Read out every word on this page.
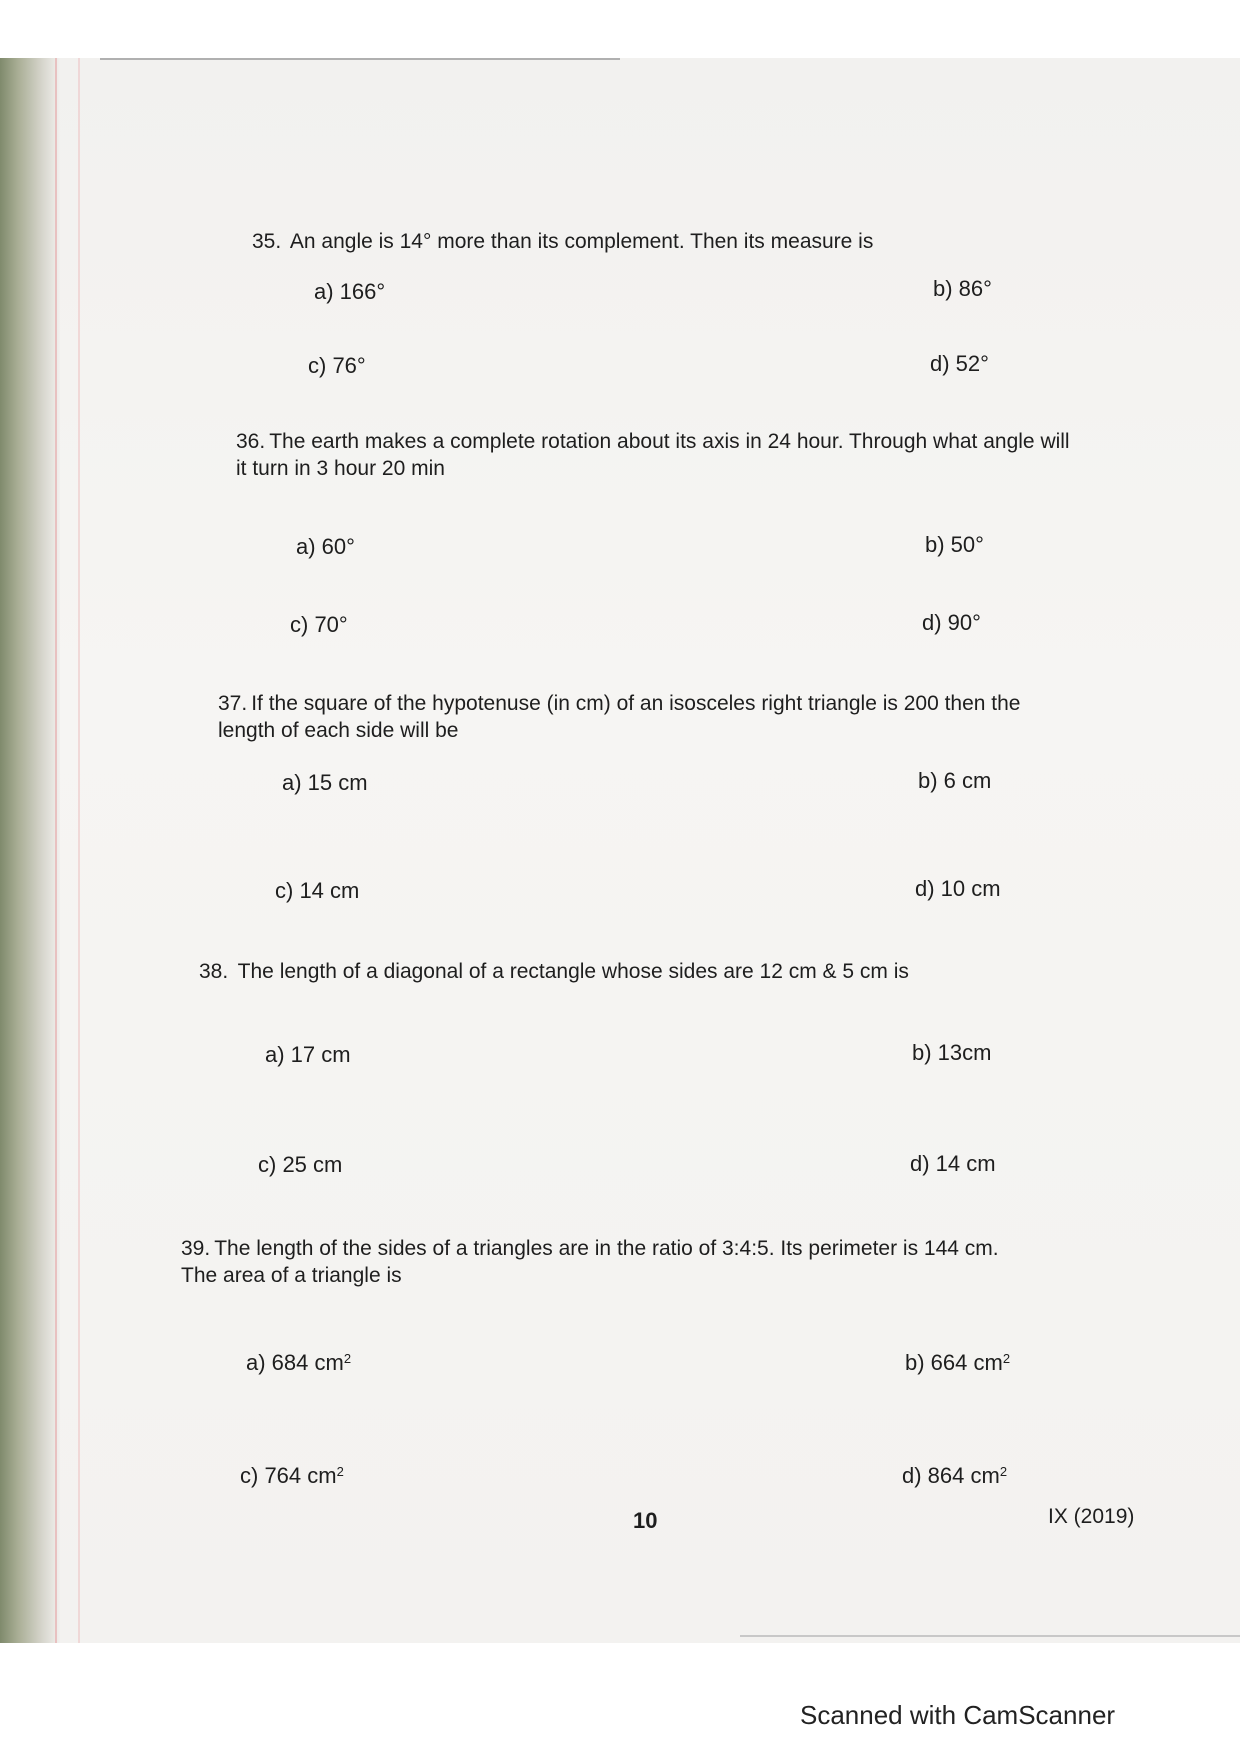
35. An angle is 14° more than its complement. Then its measure is
a) 166°	b) 86°
c) 76°	d) 52°
36. The earth makes a complete rotation about its axis in 24 hour. Through what angle will
it turn in 3 hour 20 min
a) 60°	b) 50°
c) 70°	d) 90°
37. If the square of the hypotenuse (in cm) of an isosceles right triangle is 200 then the
length of each side will be
a) 15 cm	b) 6 cm
c) 14 cm	d) 10 cm
38. The length of a diagonal of a rectangle whose sides are 12 cm & 5 cm is
a) 17 cm	b) 13cm
c) 25 cm	d) 14 cm
39. The length of the sides of a triangles are in the ratio of 3:4:5. Its perimeter is 144 cm.
The area of a triangle is
a) 684 $cm^2$	b) 664 $cm^2$
c) 764 $cm^2$	d) 864 $cm^2$
10	IX (2019)
Scanned with CamScanner
